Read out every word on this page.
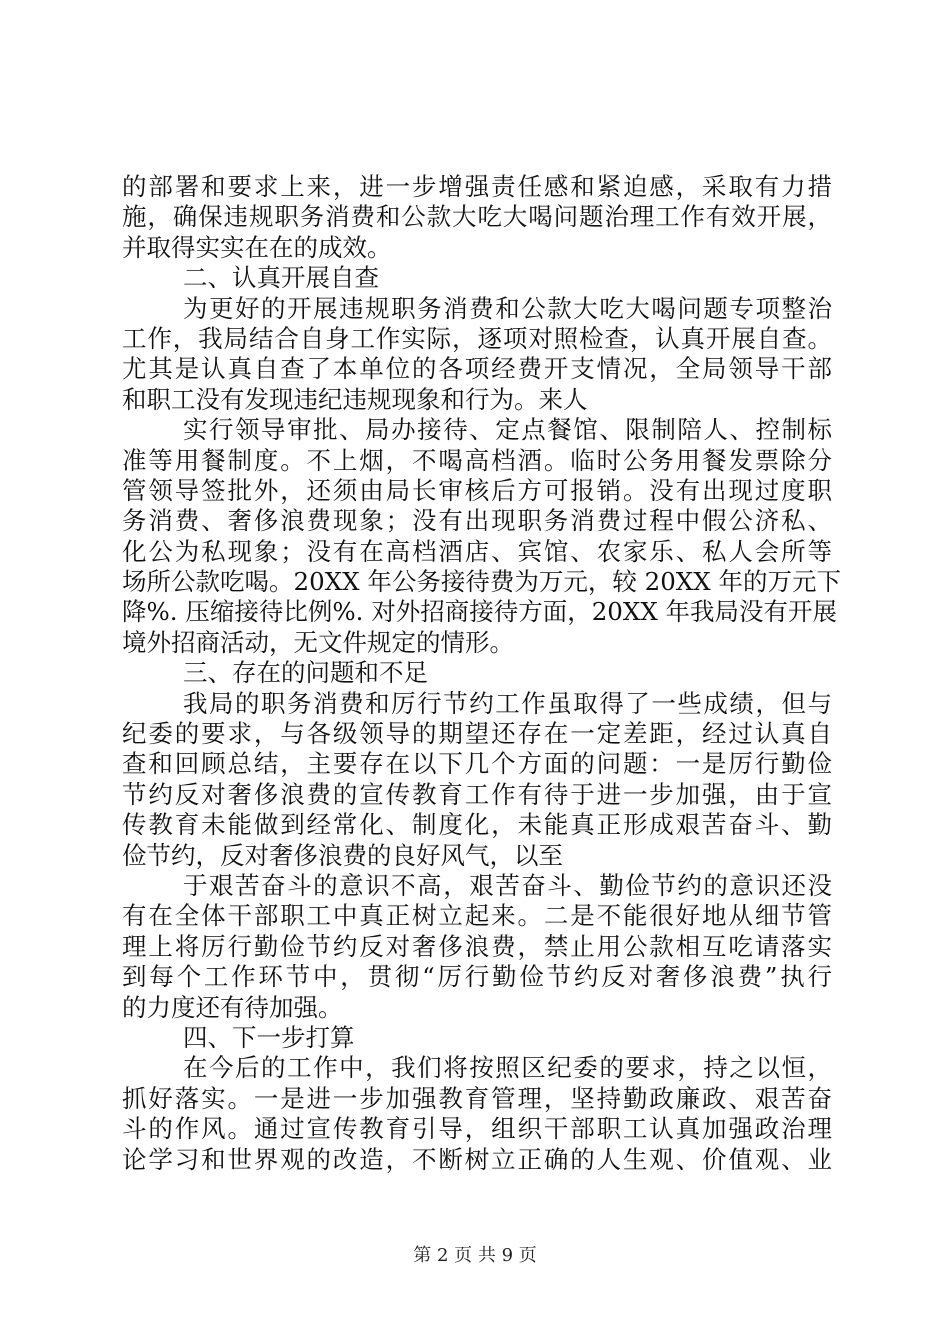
的部署和要求上来，进一步增强责任感和紧迫感，采取有力措
施，确保违规职务消费和公款大吃大喝问题治理工作有效开展，
并取得实实在在的成效。
二、认真开展自查
为更好的开展违规职务消费和公款大吃大喝问题专项整治
工作，我局结合自身工作实际，逐项对照检查，认真开展自查。
尤其是认真自查了本单位的各项经费开支情况，全局领导干部
和职工没有发现违纪违规现象和行为。来人
实行领导审批、局办接待、定点餐馆、限制陪人、控制标
准等用餐制度。不上烟，不喝高档酒。临时公务用餐发票除分
管领导签批外，还须由局长审核后方可报销。没有出现过度职
务消费、奢侈浪费现象；没有出现职务消费过程中假公济私、
化公为私现象；没有在高档酒店、宾馆、农家乐、私人会所等
场所公款吃喝。20XX 年公务接待费为万元，较 20XX 年的万元下
降%. 压缩接待比例%. 对外招商接待方面，20XX 年我局没有开展
境外招商活动，无文件规定的情形。
三、存在的问题和不足
我局的职务消费和厉行节约工作虽取得了一些成绩，但与
纪委的要求，与各级领导的期望还存在一定差距，经过认真自
查和回顾总结，主要存在以下几个方面的问题：一是厉行勤俭
节约反对奢侈浪费的宣传教育工作有待于进一步加强，由于宣
传教育未能做到经常化、制度化，未能真正形成艰苦奋斗、勤
俭节约，反对奢侈浪费的良好风气，以至
于艰苦奋斗的意识不高，艰苦奋斗、勤俭节约的意识还没
有在全体干部职工中真正树立起来。二是不能很好地从细节管
理上将厉行勤俭节约反对奢侈浪费，禁止用公款相互吃请落实
到每个工作环节中，贯彻“厉行勤俭节约反对奢侈浪费”执行
的力度还有待加强。
四、下一步打算
在今后的工作中，我们将按照区纪委的要求，持之以恒，
抓好落实。一是进一步加强教育管理，坚持勤政廉政、艰苦奋
斗的作风。通过宣传教育引导，组织干部职工认真加强政治理
论学习和世界观的改造，不断树立正确的人生观、价值观、业
第 2 页 共 9 页
